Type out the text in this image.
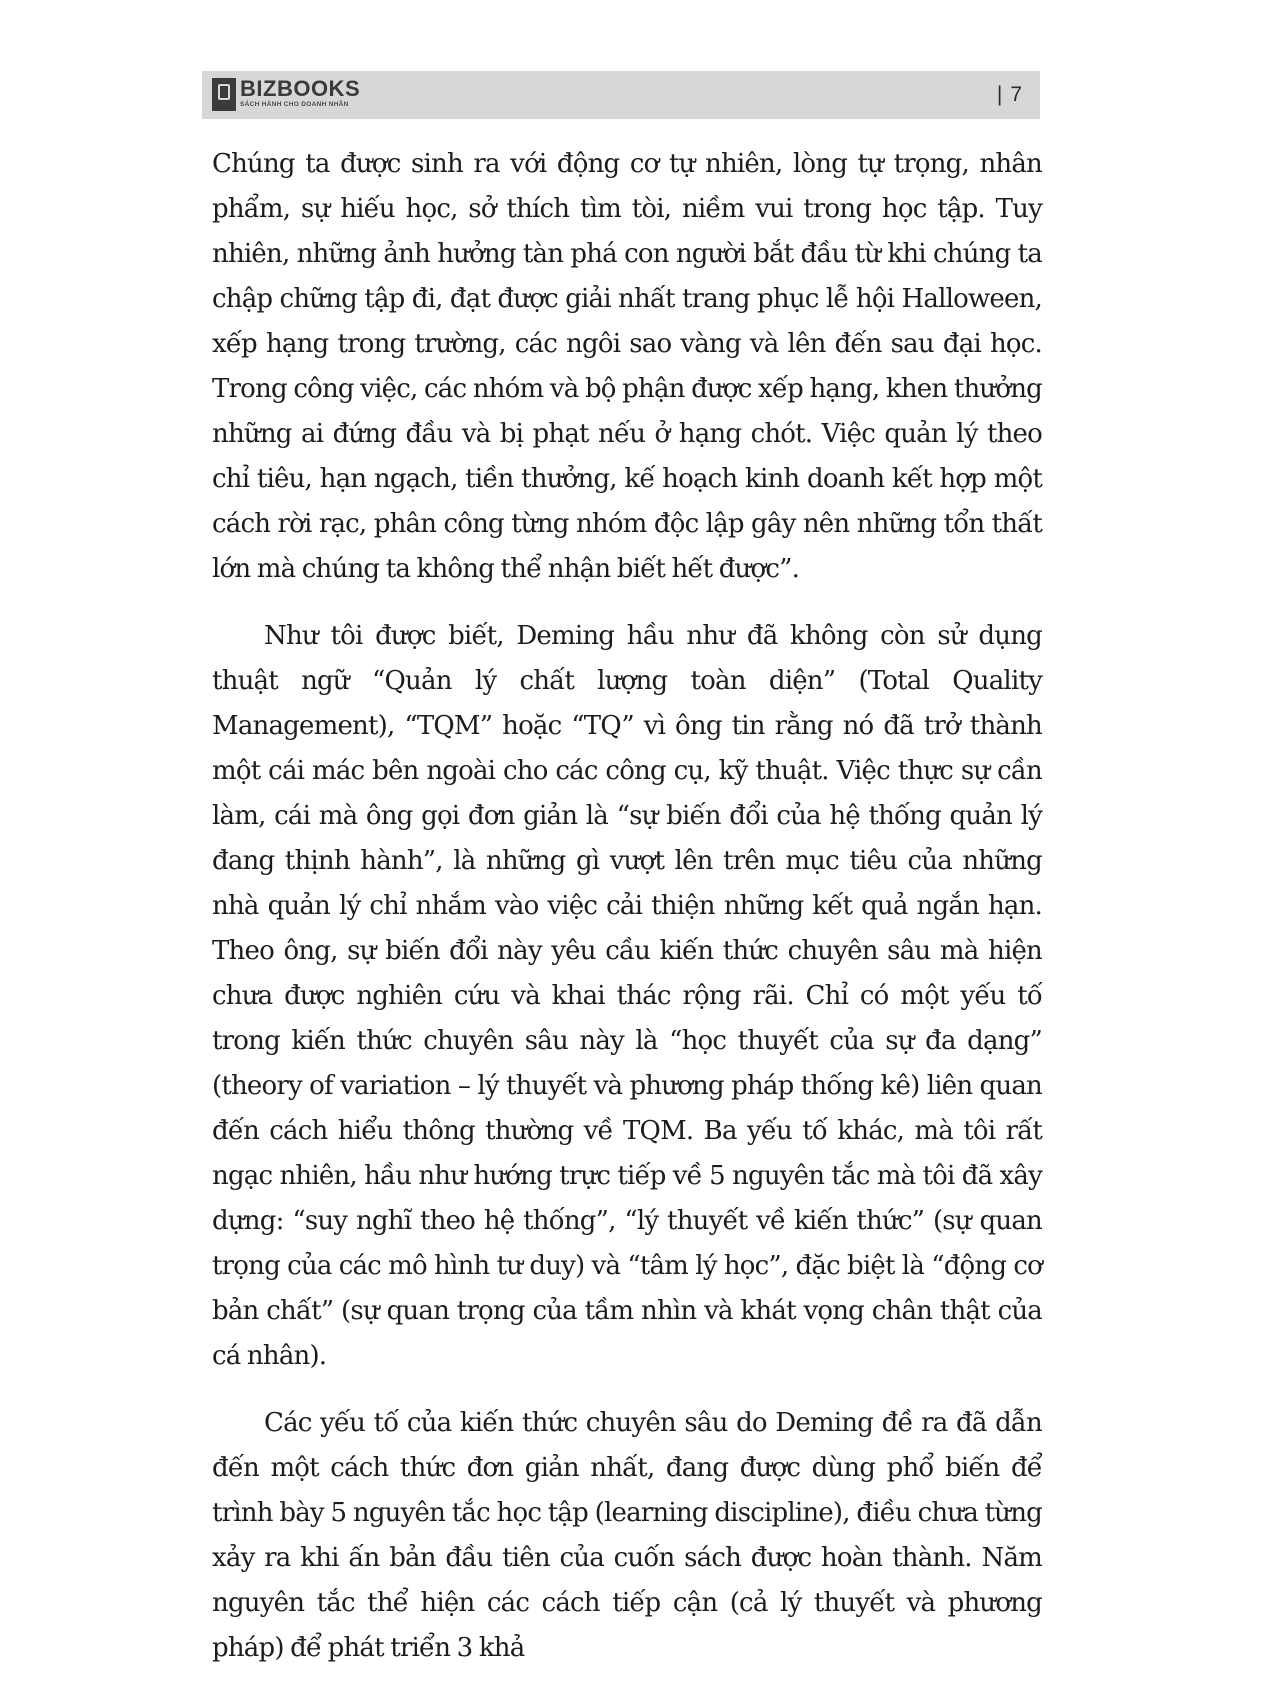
BIZBOOKS
SÁCH HÀNH CHO DOANH NHÂN	| 7

Chúng ta được sinh ra với động cơ tự nhiên, lòng tự trọng, nhân phẩm, sự hiếu học, sở thích tìm tòi, niềm vui trong học tập. Tuy nhiên, những ảnh hưởng tàn phá con người bắt đầu từ khi chúng ta chập chững tập đi, đạt được giải nhất trang phục lễ hội Halloween, xếp hạng trong trường, các ngôi sao vàng và lên đến sau đại học. Trong công việc, các nhóm và bộ phận được xếp hạng, khen thưởng những ai đứng đầu và bị phạt nếu ở hạng chót. Việc quản lý theo chỉ tiêu, hạn ngạch, tiền thưởng, kế hoạch kinh doanh kết hợp một cách rời rạc, phân công từng nhóm độc lập gây nên những tổn thất lớn mà chúng ta không thể nhận biết hết được”.

Như tôi được biết, Deming hầu như đã không còn sử dụng thuật ngữ “Quản lý chất lượng toàn diện” (Total Quality Management), “TQM” hoặc “TQ” vì ông tin rằng nó đã trở thành một cái mác bên ngoài cho các công cụ, kỹ thuật. Việc thực sự cần làm, cái mà ông gọi đơn giản là “sự biến đổi của hệ thống quản lý đang thịnh hành”, là những gì vượt lên trên mục tiêu của những nhà quản lý chỉ nhắm vào việc cải thiện những kết quả ngắn hạn. Theo ông, sự biến đổi này yêu cầu kiến thức chuyên sâu mà hiện chưa được nghiên cứu và khai thác rộng rãi. Chỉ có một yếu tố trong kiến thức chuyên sâu này là “học thuyết của sự đa dạng” (theory of variation – lý thuyết và phương pháp thống kê) liên quan đến cách hiểu thông thường về TQM. Ba yếu tố khác, mà tôi rất ngạc nhiên, hầu như hướng trực tiếp về 5 nguyên tắc mà tôi đã xây dựng: “suy nghĩ theo hệ thống”, “lý thuyết về kiến thức” (sự quan trọng của các mô hình tư duy) và “tâm lý học”, đặc biệt là “động cơ bản chất” (sự quan trọng của tầm nhìn và khát vọng chân thật của cá nhân).

Các yếu tố của kiến thức chuyên sâu do Deming đề ra đã dẫn đến một cách thức đơn giản nhất, đang được dùng phổ biến để trình bày 5 nguyên tắc học tập (learning discipline), điều chưa từng xảy ra khi ấn bản đầu tiên của cuốn sách được hoàn thành. Năm nguyên tắc thể hiện các cách tiếp cận (cả lý thuyết và phương pháp) để phát triển 3 khả
